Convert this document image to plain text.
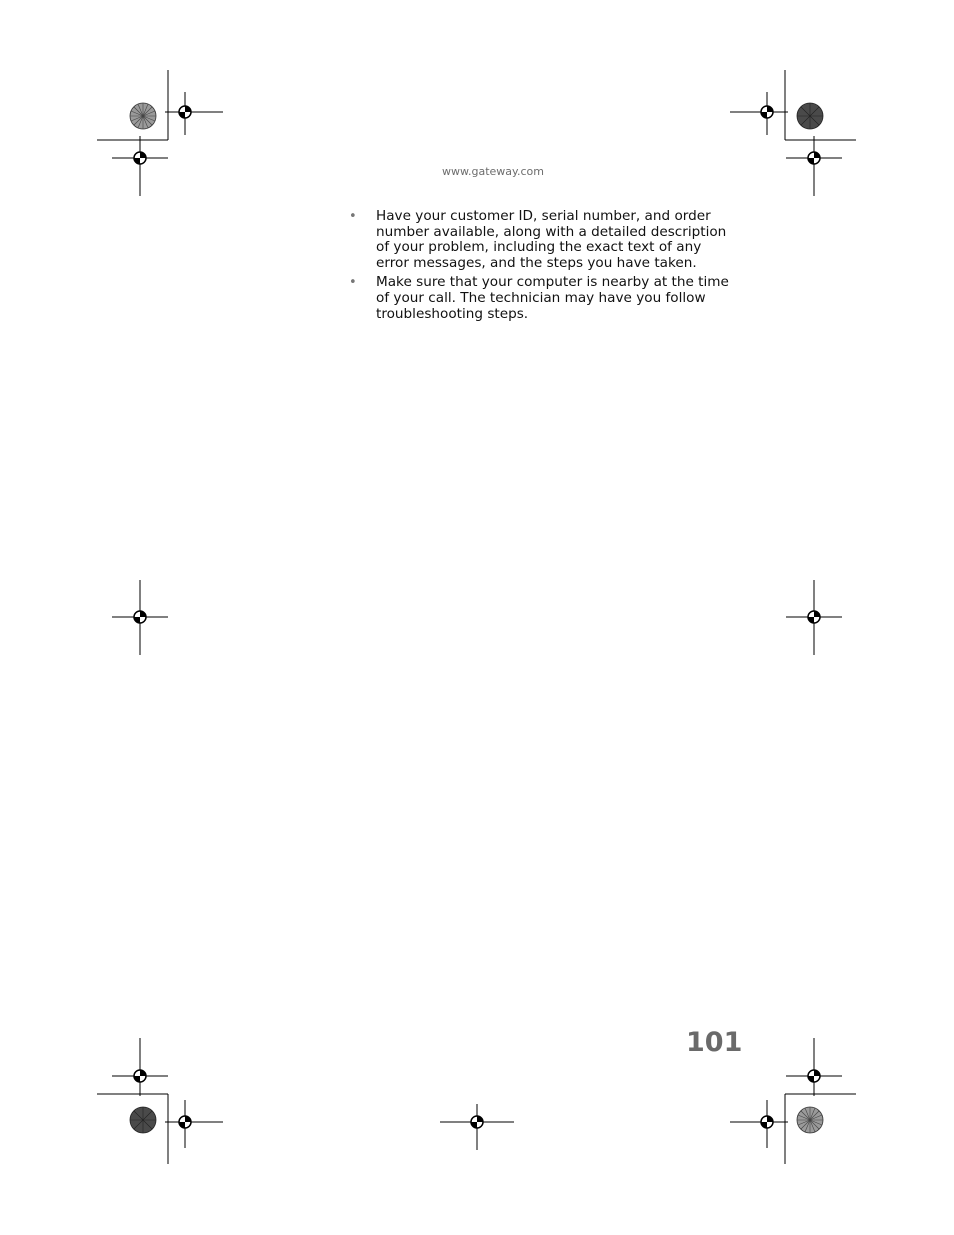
www.gateway.com
• Have your customer ID, serial number, and order number available, along with a detailed description of your problem, including the exact text of any error messages, and the steps you have taken.
• Make sure that your computer is nearby at the time of your call. The technician may have you follow troubleshooting steps.
101
